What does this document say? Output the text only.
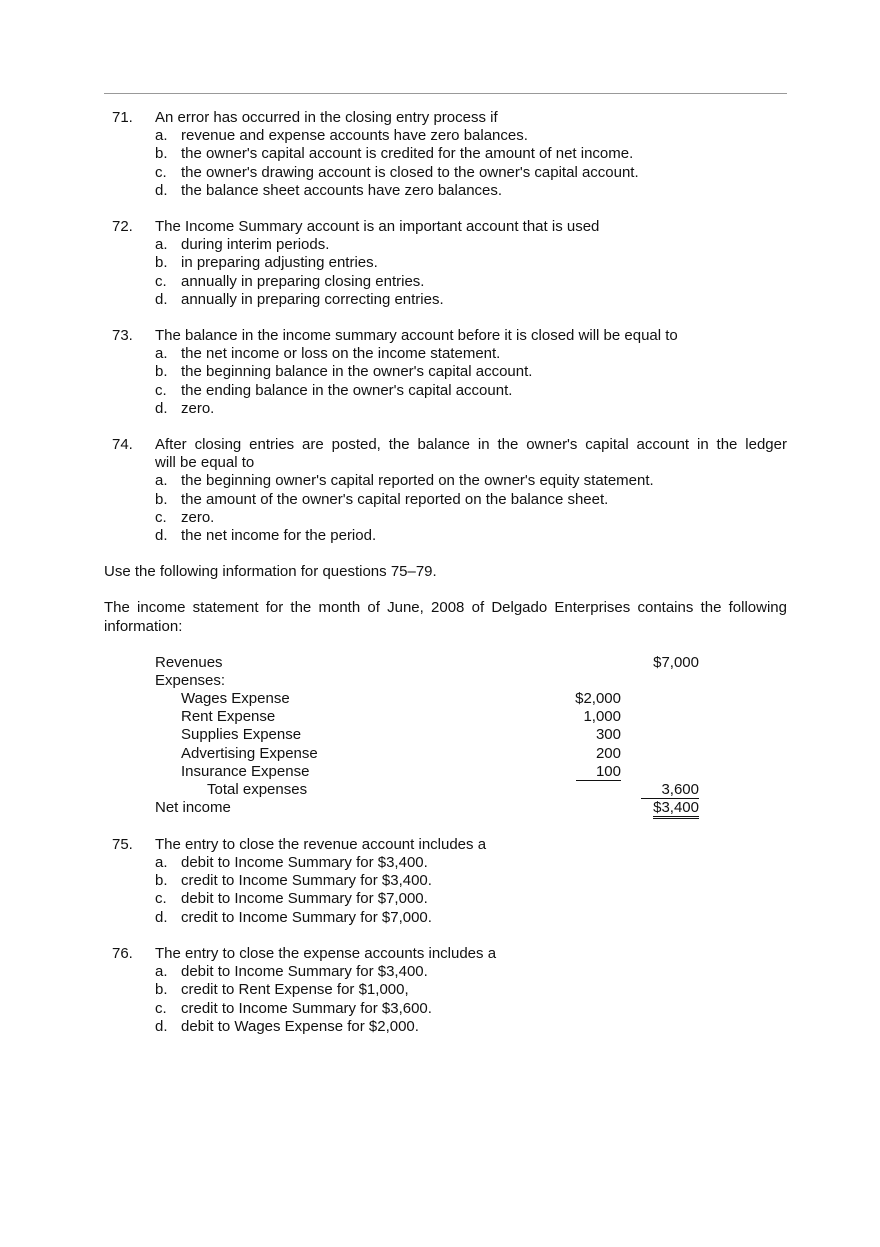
71.	An error has occurred in the closing entry process if
a. revenue and expense accounts have zero balances.
b. the owner's capital account is credited for the amount of net income.
c. the owner's drawing account is closed to the owner's capital account.
d. the balance sheet accounts have zero balances.
72.	The Income Summary account is an important account that is used
a. during interim periods.
b. in preparing adjusting entries.
c. annually in preparing closing entries.
d. annually in preparing correcting entries.
73.	The balance in the income summary account before it is closed will be equal to
a. the net income or loss on the income statement.
b. the beginning balance in the owner's capital account.
c. the ending balance in the owner's capital account.
d. zero.
74.	After closing entries are posted, the balance in the owner's capital account in the ledger
will be equal to
a. the beginning owner's capital reported on the owner's equity statement.
b. the amount of the owner's capital reported on the balance sheet.
c. zero.
d. the net income for the period.
Use the following information for questions 75–79.
The income statement for the month of June, 2008 of Delgado Enterprises contains the following
information:
Revenues	$7,000
Expenses:
Wages Expense	$2,000
Rent Expense	1,000
Supplies Expense	300
Advertising Expense	200
Insurance Expense	100
Total expenses	3,600
Net income	$3,400
75.	The entry to close the revenue account includes a
a. debit to Income Summary for $3,400.
b. credit to Income Summary for $3,400.
c. debit to Income Summary for $7,000.
d. credit to Income Summary for $7,000.
76.	The entry to close the expense accounts includes a
a. debit to Income Summary for $3,400.
b. credit to Rent Expense for $1,000,
c. credit to Income Summary for $3,600.
d. debit to Wages Expense for $2,000.
